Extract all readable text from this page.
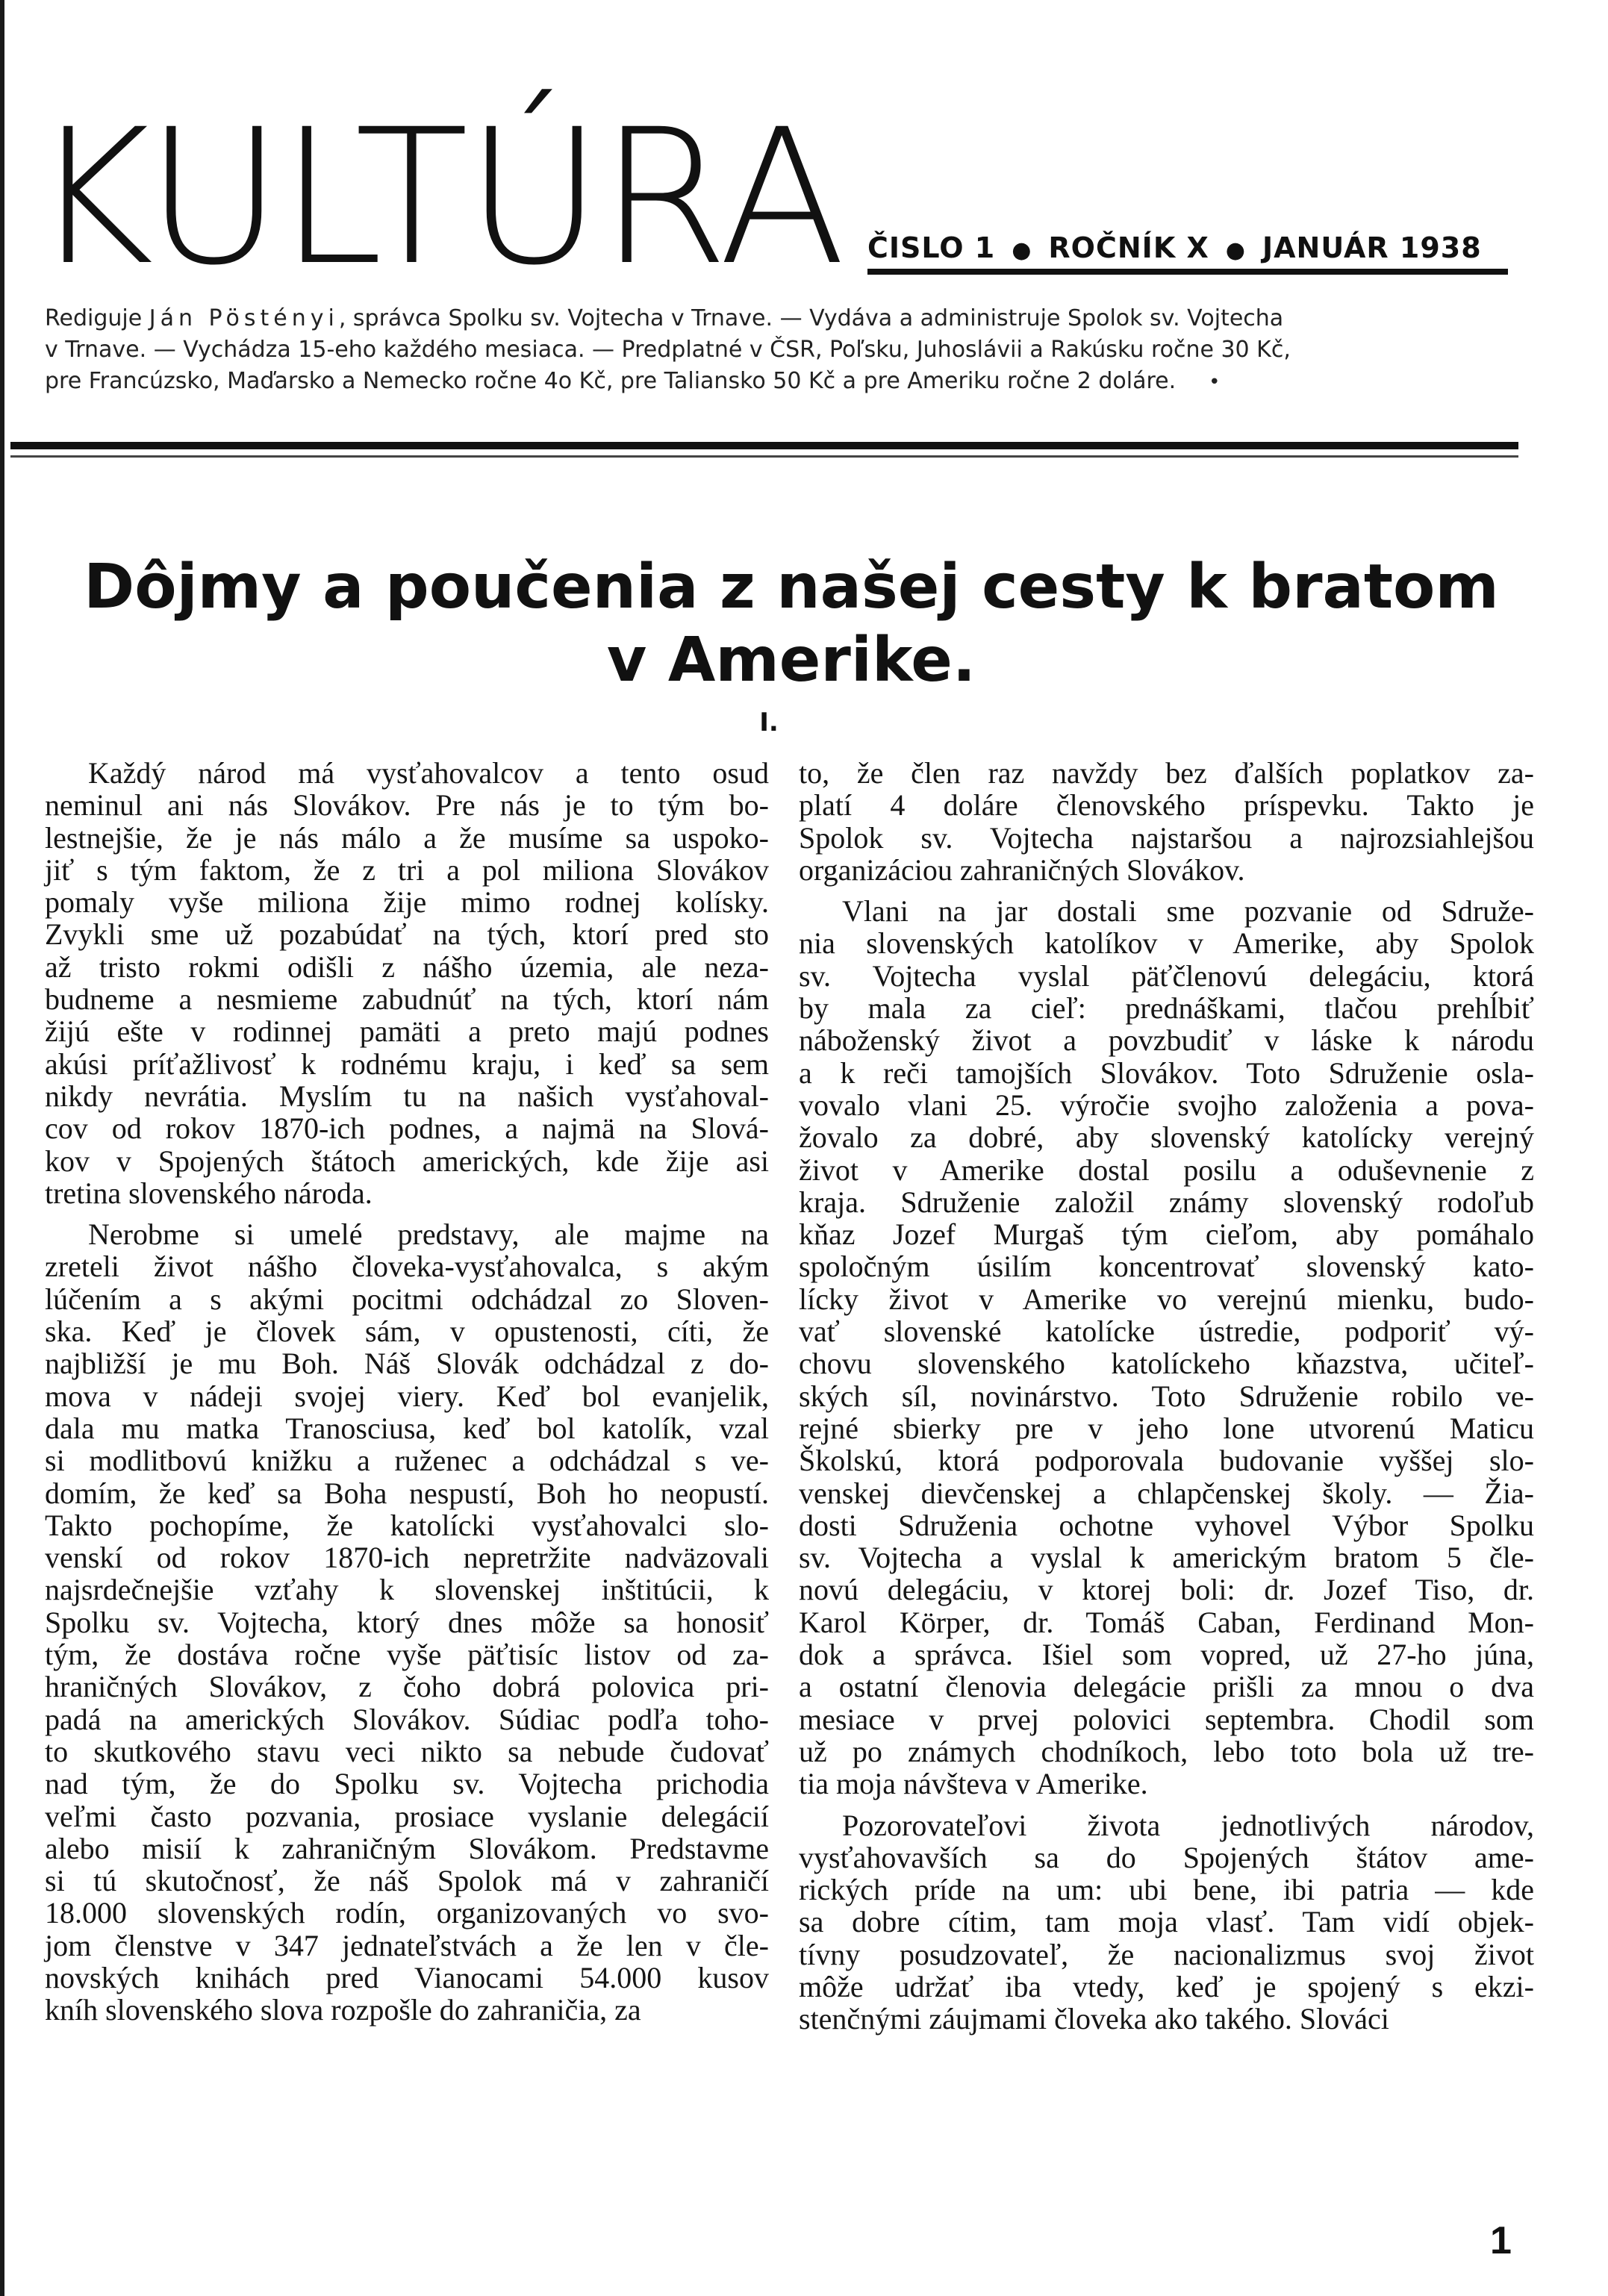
KULTÚRA ČISLO 1 ● ROČNÍK X ● JANUÁR 1938

Rediguje Ján Pöstényi, správca Spolku sv. Vojtecha v Trnave. — Vydáva a administruje Spolok sv. Vojtecha

v Trnave. — Vychádza 15-eho každého mesiaca. — Predplatné v ČSR, Poľsku, Juhoslávii a Rakúsku ročne 30 Kč,

pre Francúzsko, Maďarsko a Nemecko ročne 4o Kč, pre Taliansko 50 Kč a pre Ameriku ročne 2 doláre. •

Dôjmy a poučenia z našej cesty k bratom
v Amerike.
I.
Každý národ má vysťahovalcov a tento osud
neminul ani nás Slovákov. Pre nás je to tým bo-
lestnejšie, že je nás málo a že musíme sa uspoko-
jiť s tým faktom, že z tri a pol miliona Slovákov
pomaly vyše miliona žije mimo rodnej kolísky.
Zvykli sme už pozabúdať na tých, ktorí pred sto
až tristo rokmi odišli z nášho územia, ale neza-
budneme a nesmieme zabudnúť na tých, ktorí nám
žijú ešte v rodinnej pamäti a preto majú podnes
akúsi príťažlivosť k rodnému kraju, i keď sa sem
nikdy nevrátia. Myslím tu na našich vysťahoval-
cov od rokov 1870-ich podnes, a najmä na Slová-
kov v Spojených štátoch amerických, kde žije asi
tretina slovenského národa.
Nerobme si umelé predstavy, ale majme na
zreteli život nášho človeka-vysťahovalca, s akým
lúčením a s akými pocitmi odchádzal zo Sloven-
ska. Keď je človek sám, v opustenosti, cíti, že
najbližší je mu Boh. Náš Slovák odchádzal z do-
mova v nádeji svojej viery. Keď bol evanjelik,
dala mu matka Tranosciusa, keď bol katolík, vzal
si modlitbovú knižku a ruženec a odchádzal s ve-
domím, že keď sa Boha nespustí, Boh ho neopustí.
Takto pochopíme, že katolícki vysťahovalci slo-
venskí od rokov 1870-ich nepretržite nadväzovali
najsrdečnejšie vzťahy k slovenskej inštitúcii, k
Spolku sv. Vojtecha, ktorý dnes môže sa honosiť
tým, že dostáva ročne vyše päťtisíc listov od za-
hraničných Slovákov, z čoho dobrá polovica pri-
padá na amerických Slovákov. Súdiac podľa toho-
to skutkového stavu veci nikto sa nebude čudovať
nad tým, že do Spolku sv. Vojtecha prichodia
veľmi často pozvania, prosiace vyslanie delegácií
alebo misií k zahraničným Slovákom. Predstavme
si tú skutočnosť, že náš Spolok má v zahraničí
18.000 slovenských rodín, organizovaných vo svo-
jom členstve v 347 jednateľstvách a že len v čle-
novských knihách pred Vianocami 54.000 kusov
kníh slovenského slova rozpošle do zahraničia, za
to, že člen raz navždy bez ďalších poplatkov za-
platí 4 doláre členovského príspevku. Takto je
Spolok sv. Vojtecha najstaršou a najrozsiahlejšou
organizáciou zahraničných Slovákov.
Vlani na jar dostali sme pozvanie od Sdruže-
nia slovenských katolíkov v Amerike, aby Spolok
sv. Vojtecha vyslal päťčlenovú delegáciu, ktorá
by mala za cieľ: prednáškami, tlačou prehĺbiť
náboženský život a povzbudiť v láske k národu
a k reči tamojších Slovákov. Toto Sdruženie osla-
vovalo vlani 25. výročie svojho založenia a pova-
žovalo za dobré, aby slovenský katolícky verejný
život v Amerike dostal posilu a oduševnenie z
kraja. Sdruženie založil známy slovenský rodoľub
kňaz Jozef Murgaš tým cieľom, aby pomáhalo
spoločným úsilím koncentrovať slovenský kato-
lícky život v Amerike vo verejnú mienku, budo-
vať slovenské katolícke ústredie, podporiť vý-
chovu slovenského katolíckeho kňazstva, učiteľ-
ských síl, novinárstvo. Toto Sdruženie robilo ve-
rejné sbierky pre v jeho lone utvorenú Maticu
Školskú, ktorá podporovala budovanie vyššej slo-
venskej dievčenskej a chlapčenskej školy. — Žia-
dosti Sdruženia ochotne vyhovel Výbor Spolku
sv. Vojtecha a vyslal k americkým bratom 5 čle-
novú delegáciu, v ktorej boli: dr. Jozef Tiso, dr.
Karol Körper, dr. Tomáš Caban, Ferdinand Mon-
dok a správca. Išiel som vopred, už 27-ho júna,
a ostatní členovia delegácie prišli za mnou o dva
mesiace v prvej polovici septembra. Chodil som
už po známych chodníkoch, lebo toto bola už tre-
tia moja návšteva v Amerike.
Pozorovateľovi života jednotlivých národov,
vysťahovavších sa do Spojených štátov ame-
rických príde na um: ubi bene, ibi patria — kde
sa dobre cítim, tam moja vlasť. Tam vidí objek-
tívny posudzovateľ, že nacionalizmus svoj život
môže udržať iba vtedy, keď je spojený s ekzi-
stenčnými záujmami človeka ako takého. Slováci
1
